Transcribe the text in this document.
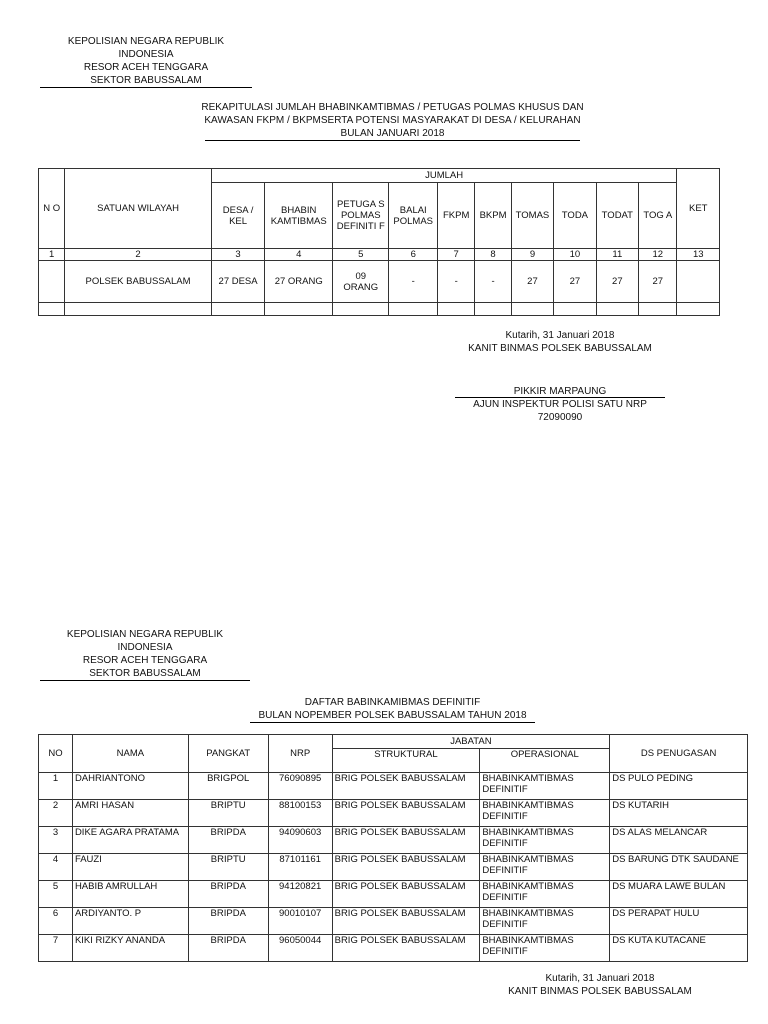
KEPOLISIAN NEGARA REPUBLIK INDONESIA
RESOR ACEH TENGGARA
SEKTOR BABUSSALAM
REKAPITULASI JUMLAH BHABINKAMTIBMAS / PETUGAS POLMAS KHUSUS DAN
KAWASAN FKPM / BKPMSERTA POTENSI MASYARAKAT DI DESA / KELURAHAN
BULAN JANUARI 2018
N O	SATUAN WILAYAH	JUMLAH										KET
		DESA / KEL	BHABIN KAMTIBMAS	PETUGA S POLMAS DEFINITI F	BALAI POLMAS	FKPM	BKPM	TOMAS	TODA	TODAT	TOG A	
1	2	3	4	5	6	7	8	9	10	11	12	13
	POLSEK BABUSSALAM	27 DESA	27 ORANG	09 ORANG	-	-	-	27	27	27	27	

Kutarih, 31 Januari 2018
KANIT BINMAS POLSEK BABUSSALAM
PIKKIR MARPAUNG
AJUN INSPEKTUR POLISI SATU NRP 72090090
KEPOLISIAN NEGARA REPUBLIK INDONESIA
RESOR ACEH TENGGARA
SEKTOR BABUSSALAM
DAFTAR BABINKAMIBMAS DEFINITIF
BULAN NOPEMBER POLSEK BABUSSALAM TAHUN 2018
NO	NAMA	PANGKAT	NRP	JABATAN		DS PENUGASAN
				STRUKTURAL	OPERASIONAL	
1	DAHRIANTONO	BRIGPOL	76090895	BRIG POLSEK BABUSSALAM	BHABINKAMTIBMAS DEFINITIF	DS PULO PEDING
2	AMRI HASAN	BRIPTU	88100153	BRIG POLSEK BABUSSALAM	BHABINKAMTIBMAS DEFINITIF	DS KUTARIH
3	DIKE AGARA PRATAMA	BRIPDA	94090603	BRIG POLSEK BABUSSALAM	BHABINKAMTIBMAS DEFINITIF	DS ALAS MELANCAR
4	FAUZI	BRIPTU	87101161	BRIG POLSEK BABUSSALAM	BHABINKAMTIBMAS DEFINITIF	DS BARUNG DTK SAUDANE
5	HABIB AMRULLAH	BRIPDA	94120821	BRIG POLSEK BABUSSALAM	BHABINKAMTIBMAS DEFINITIF	DS MUARA LAWE BULAN
6	ARDIYANTO. P	BRIPDA	90010107	BRIG POLSEK BABUSSALAM	BHABINKAMTIBMAS DEFINITIF	DS PERAPAT HULU
7	KIKI RIZKY ANANDA	BRIPDA	96050044	BRIG POLSEK BABUSSALAM	BHABINKAMTIBMAS DEFINITIF	DS KUTA KUTACANE
Kutarih, 31 Januari 2018
KANIT BINMAS POLSEK BABUSSALAM
